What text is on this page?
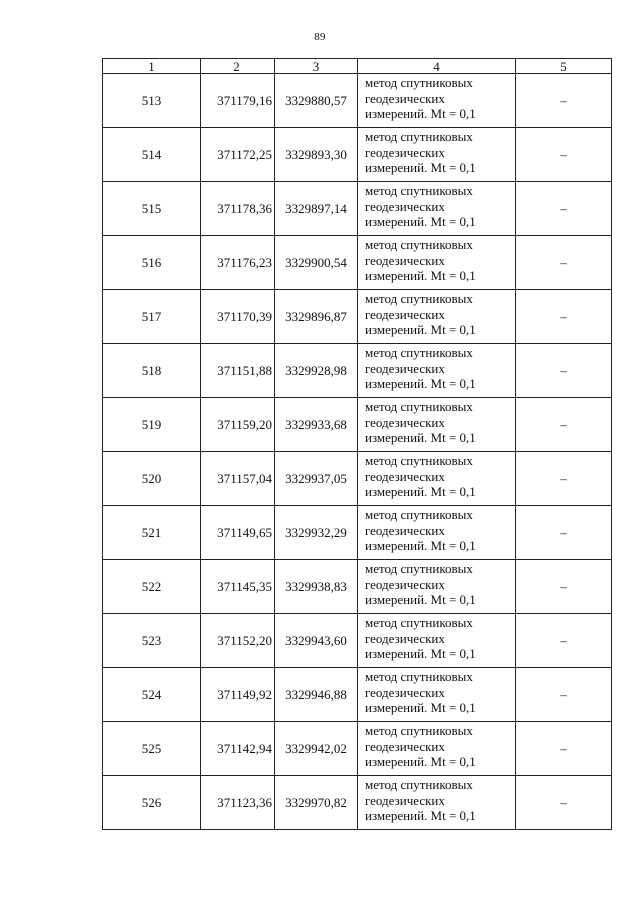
89
1	2	3	4	5
513	371179,16	3329880,57	метод спутниковых
геодезических
измерений. Mt = 0,1	–
514	371172,25	3329893,30	метод спутниковых
геодезических
измерений. Mt = 0,1	–
515	371178,36	3329897,14	метод спутниковых
геодезических
измерений. Mt = 0,1	–
516	371176,23	3329900,54	метод спутниковых
геодезических
измерений. Mt = 0,1	–
517	371170,39	3329896,87	метод спутниковых
геодезических
измерений. Mt = 0,1	–
518	371151,88	3329928,98	метод спутниковых
геодезических
измерений. Mt = 0,1	–
519	371159,20	3329933,68	метод спутниковых
геодезических
измерений. Mt = 0,1	–
520	371157,04	3329937,05	метод спутниковых
геодезических
измерений. Mt = 0,1	–
521	371149,65	3329932,29	метод спутниковых
геодезических
измерений. Mt = 0,1	–
522	371145,35	3329938,83	метод спутниковых
геодезических
измерений. Mt = 0,1	–
523	371152,20	3329943,60	метод спутниковых
геодезических
измерений. Mt = 0,1	–
524	371149,92	3329946,88	метод спутниковых
геодезических
измерений. Mt = 0,1	–
525	371142,94	3329942,02	метод спутниковых
геодезических
измерений. Mt = 0,1	–
526	371123,36	3329970,82	метод спутниковых
геодезических
измерений. Mt = 0,1	–
